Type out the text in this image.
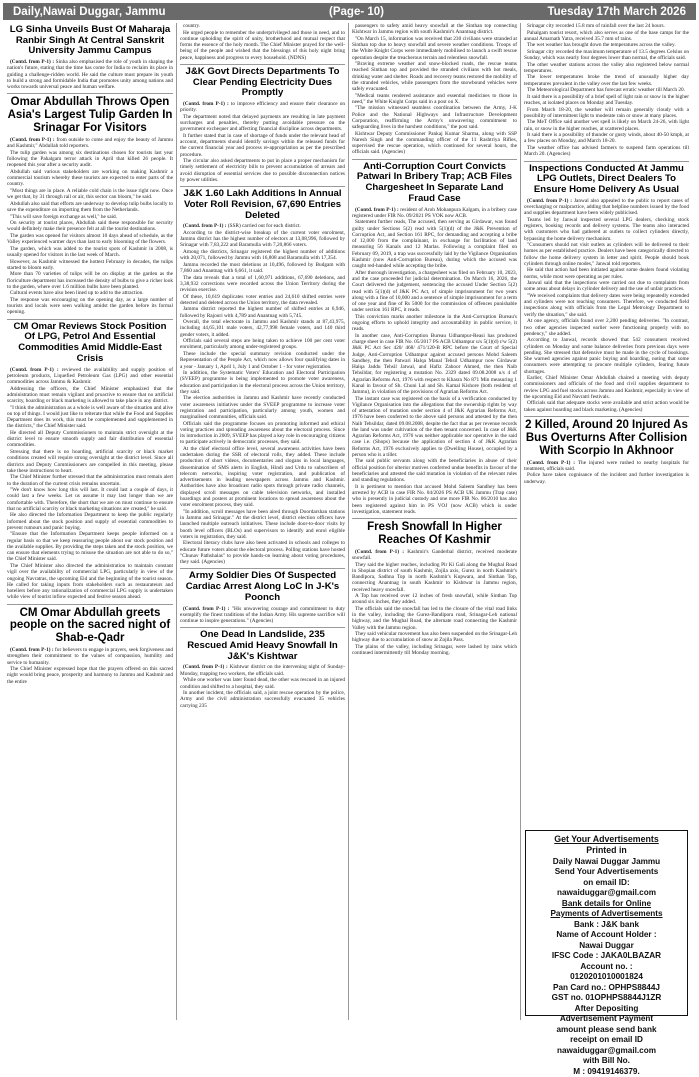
Daily,Nawai Duggar, Jammu	(Page- 10)	Tuesday 17th March 2026
LG Sinha Unveils Bust Of Maharaja Ranbir Singh At Central Sanskrit University Jammu Campus

(Contd. from P-1) : Sinha also emphasised the role of youth in shaping the nation's future, stating that the time has come for India to reclaim its place in guiding a challenge-ridden world. He said the culture must prepare its youth to build a strong and formidable India that promotes unity among nations and works towards universal peace and human welfare.

Omar Abdullah Throws Open Asia's Largest Tulip Garden In Srinagar For Visitors

(Contd. from P-1) : from outside to come and enjoy the beauty of Jammu and Kashmir," Abdullah told reporters.

The tulip garden was among six destinations chosen for tourists last year following the Pahalgam terror attack in April that killed 26 people. It reopened this year after a security audit.

Abdullah said various stakeholders are working on making Kashmir a commercial tourism whereby these tourists are expected to enter parts of the country.

"Most things are in place. A reliable cold chain is the issue right now. Once we get that, by 31 through rail or air, this sector can bloom," he said.

Abdullah also said that efforts are underway to develop tulip bulbs locally to save the expenditure on importing them from the Netherlands.

"This will save foreign exchange as well," he said.

On security at tourist places, Abdullah said these responsible for security would definitely make their presence felt at all the tourist destinations.

The garden was opened for visitors almost 10 days ahead of schedule, as the Valley experienced warmer days than last to early blooming of the flowers.

The garden, which was added to the tourist spots of Kashmir in 2008, is usually opened for visitors in the last week of March.

However, as Kashmir witnessed the hottest February in decades, the tulips started to bloom early.

More than 70 varieties of tulips will be on display at the garden as the floriculture department has increased the density of bulbs to give a richer look to the garden, where over 1.6 million bulbs have been planted.

Cultural events have also been lined up to add to the attraction.

The response was encouraging on the opening day, as a large number of tourists and locals were seen walking amidst the garden before its formal opening.

CM Omar Reviews Stock Position Of LPG, Petrol And Essential Commodities Amid Middle-East Crisis

(Contd. from P-1) : reviewed the availability and supply position of petroleum products, Liquefied Petroleum Gas (LPG) and other essential commodities across Jammu & Kashmir.

Addressing the officers, the Chief Minister emphasized that the administration must remain vigilant and proactive to ensure that no artificial scarcity, hoarding or black marketing is allowed to take place in any district.

"I think the administration as a whole is well aware of the situation and alive on top of things. I would just like to reiterate that while the Food and Supplies Department does its work, this must be complemented and supplemented in the districts," the Chief Minister said.

He directed all Deputy Commissioners to maintain strict oversight at the district level to ensure smooth supply and fair distribution of essential commodities.

Stressing that there is no hoarding, artificial scarcity or black market conditions created will require strong oversight at the district level. Since all districts and Deputy Commissioners are compelled in this meeting, please take these instructions to heart.

The Chief Minister further stressed that the administration must remain alert to the duration of the current crisis remains uncertain.

"We don't know how long this will last. It could last a couple of days, it could last a few weeks. Let us assume it may last longer than we are comfortable with. Therefore, the short that we are on must continue to ensure that no artificial scarcity or black marketing situations are created," he said.

He also directed the Information Department to keep the public regularly informed about the stock position and supply of essential commodities to prevent rumours and panic buying.

"Ensure that the Information Department keeps people informed on a regular basis so that we keep reassuring people about our stock position and the available supplies. By providing the steps taken and the stock position, we can ensure that elements trying to misuse the situation are not able to do so," the Chief Minister said.

The Chief Minister also directed the administration to maintain constant vigil over the availability of commercial LPG, particularly in view of the ongoing Navratras, the upcoming Eid and the beginning of the tourist season. He called for taking inputs from stakeholders such as restaurateurs and hoteliers before any rationalization of commercial LPG supply is undertaken while view of tourist inflow expected and festive season ahead.

CM Omar Abdullah greets people on the sacred night of Shab-e-Qadr

(Contd. from P-1) : for believers to engage in prayers, seek forgiveness and strengthen their commitment to the values of compassion, humility and service to humanity.

The Chief Minister expressed hope that the prayers offered on this sacred night would bring peace, prosperity and harmony to Jammu and Kashmir and the entire

country.

He urged people to remember the underprivileged and those in need, and to continue upholding the spirit of unity, brotherhood and mutual respect that forms the essence of the holy month. The Chief Minister prayed for the well-being of the people and wished that the blessings of this holy night bring peace, happiness and progress to every household. (NDNS)

J&K Govt Directs Departments To Clear Pending Electricity Dues Promptly

(Contd. from P-1) : to improve efficiency and ensure their clearance on priority.

The department noted that delayed payments are resulting in late payment surcharges and penalties, thereby putting avoidable pressure on the government exchequer and affecting financial discipline across departments.

It further stated that in case of shortage of funds under the relevant head of account, departments should identify savings within the released funds for the current financial year and process re-appropriation as per the prescribed procedure.

The circular also asked departments to put in place a proper mechanism for timely settlement of electricity bills to prevent accumulation of arrears and avoid disruption of essential services due to possible disconnection notices by power utilities.

J&K 1.60 Lakh Additions In Annual Voter Roll Revision, 67,690 Entries Deleted

(Contd. from P-1) : (SSR) carried out for each district.

According to the district-wise breakup of the current voter enrolment, Jammu district has the highest number of electors at 13,08,996, followed by Srinagar with 7,83,222 and Baramulla with 7,20,866 voters.

Among the districts, Srinagar registered the highest number of additions with 20,071, followed by Jammu with 16,808 and Baramulla with 17,354.

Jammu recorded the most deletions at 10,496, followed by Budgam with 7,860 and Anantnag with 6,661, it said.

The data reveals that a total of 1,60,971 additions, 67,690 deletions, and 3,38,932 corrections were recorded across the Union Territory during the revision exercise.

Of these, 10,619 duplicates voter entries and 24,610 shifted entries were detected and deleted across the Union territory, the data revealed.

Jammu district reported the highest number of shifted entries at 6,946, followed by Rajouri with 4,789 and Anantnag with 5,745.

Overall, the total electorate in Jammu and Kashmir stands at 87,43,975, including 44,65,101 male voters, 42,77,998 female voters, and 140 third gender voters, it added.

Officials said several steps are being taken to achieve 100 per cent voter enrolment, particularly among under-registered groups.

These include the special summary revision conducted under the Representation of the People Act, which now allows four qualifying dates in a year - January 1, April 1, July 1 and October 1 - for voter registration.

In addition, the Systematic Voters' Education and Electoral Participation (SVEEP) programme is being implemented to promote voter awareness, education and participation in the electoral process across the Union territory, they said.

The election authorities in Jammu and Kashmir have recently conducted voter awareness initiatives under the SVEEP programme to increase voter registration and participation, particularly among youth, women and marginalised communities, officials said.

Officials said the programme focuses on promoting informed and ethical voting practices and spreading awareness about the electoral process. Since its introduction in 2009, SVEEP has played a key role in encouraging citizens to participate actively in democratic processes, they said.

At the chief electoral office level, several awareness activities have been undertaken during the SSR of electoral rolls, they added. These include production of short videos, documentaries and slogans in local languages, dissemination of SMS alerts in English, Hindi and Urdu to subscribers of telecom networks, inspiring voter registration, and publication of advertisements in leading newspapers across Jammu and Kashmir. Authorities have also broadcast radio spots through private radio channels, displayed scroll messages on cable television networks, and installed hoardings and posters at prominent locations to spread awareness about the voter enrolment process, they said.

"In addition, scroll messages have been aired through Doordarshan stations in Jammu and Srinagar." At the district level, district election officers have launched multiple outreach initiatives. These include door-to-door visits by booth level officers (BLOs) and supervisors to identify and enrol eligible voters in registration, they said.

Electoral literacy clubs have also been activated in schools and colleges to educate future voters about the electoral process. Polling stations have hosted "Chunav Pathshalas" to provide hands-on learning about voting procedures, they said. (Agencies)

Army Soldier Dies Of Suspected Cardiac Arrest Along LoC In J-K's Poonch

(Contd. from P-1) : "His unwavering courage and commitment to duty exemplify the finest traditions of the Indian Army. His supreme sacrifice will continue to inspire generations." (Agencies)

One Dead In Landslide, 235 Rescued Amid Heavy Snowfall In J&K's Kishtwar

(Contd. from P-1) : Kishtwar district on the intervening night of Sunday-Monday, trapping two workers, the officials said.

While one worker was later found dead, the other was rescued in an injured condition and shifted to a hospital, they said.

In another incident, the officials said, a joint rescue operation by the police, Army and the civil administration successfully evacuated 35 vehicles carrying 235

passengers to safety amid heavy snowfall at the Sinthan top connecting Kishtwar in Jammu region with south Kashmir's Anantnag district.

"On March 15, information was received that 230 civilians were stranded at Sinthan top due to heavy snowfall and severe weather conditions. Troops of the White Knight Corps were immediately mobilised to launch a swift rescue operation despite the treacherous terrain and relentless snowfall.

"Braving extreme weather and snow-blocked roads, the rescue teams reached Sinthan top and provided the stranded civilians with hot meals, drinking water and shelter. Roads and recovery teams restored the mobility of the stranded vehicles, while passengers from the snowbound vehicles were safely evacuated.

"Medical teams rendered assistance and essential medicines to those in need," the White Knight Corps said in a post on X.

"The mission witnessed seamless coordination between the Army, J-K Police and the National Highways and Infrastructure Development Corporation, reaffirming the Army's unwavering commitment to safeguarding lives in the harshest conditions," the post said.

Kishtwar Deputy Commissioner Pankaj Kumar Sharma, along with SSP Naresh Singh and the commanding officer of the 11 Rashtriya Rifles, supervised the rescue operation, which continued for several hours, the officials said. (Agencies)

Anti-Corruption Court Convicts Patwari In Bribery Trap; ACB Files Chargesheet In Separate Land Fraud Case

(Contd. from P-1) : resident of Aroh Mohanpura Kalgam, in a bribery case registered under FIR No. 09/2021 PS VOK now ACB.

Statement further reads, The accused, then serving as Girdawar, was found guilty under Sections 5(2) read with 5(1)(d) of the J&K Prevention of Corruption Act, and Section 161 RPC, for demanding and accepting a bribe of 12,000 from the complainant, in exchange for facilitation of land measuring 56 Kanals and 12 Marlas. Following a complaint filed on February 09, 2019, a trap was successfully laid by the Vigilance Organisation Kashmir (now Anti-Corruption Bureau), during which the accused was caught red-handed while accepting the bribe.

After thorough investigation, a chargesheet was filed on February 10, 2023, and the case proceeded for judicial determination. On March 16, 2026, the Court delivered the judgement, sentencing the accused Under Section 5(2) read with 5(1)(d) of J&K PC Act, of simple imprisonment for two years along with a fine of 10,000 and a sentence of simple imprisonment for a term of one year and fine of Rs 5000 for the commission of offences punishable under section 161 RPC, it reads.

This conviction marks another milestone in the Anti-Corruption Bureau's ongoing efforts to uphold integrity and accountability in public service, it reads.

In another case, Anti-Corruption Bureau Udhampur-Reasi has produced charge sheet in case FIR No. 05/2017 PS ACB Udhampur u/s 5(1)(d) r/w 5(2) J&K PC Act Sec 420/ 468/ 471/120-B RPC before the Court of Special Judge, Anti-Corruption Udhampur against accused persons Mohd Saleem Sandhey, the then Patwari Halqa Manal Tehsil Udhampur now Girdawar Halqa Jaddu Tehsil Jatwal, and Hafiz Zahoor Ahmed, the then Naib Tehsildar, for registering a mutation No. 2329 dated 09.08.2008 u/s 4 of Agrarian Reforms Act, 1976 with respect to Khasra No 871 Min measuring 1 Kanal in favour of Sh. Chuni Lal and Sh. Kamal Kishore (both resident of Jammu), in violation of the provisions of Agrarian Reforms Act.

The instant case was registered on the basis of a verification conducted by Vigilance Organisation into the allegations that the ownership rights by way of attestation of mutation under section 4 of J&K Agrarian Reforms Act, 1976 have been conferred to the above said persons and attested by the then Naib Tehsildar, dated 09.08.2008, despite the fact that as per revenue records the land was under cultivation of the then tenant concerned. In case of J&K Agrarian Reforms Act, 1976 was neither applicable nor operative in the said case i.e. (Shops) because the application of section 4 of J&K Agrarian Reforms Act, 1976 exclusively applies to (Dwelling House), occupied by a person who is a tiller.

The said public servants along with the beneficiaries in abuse of their official position for ulterior motives conferred undue benefits in favour of the beneficiaries and attested the said mutation in violation of the relevant rules and standing regulations.

It is pertinent to mention that accused Mohd Saleem Sandhey has been arrested by ACB in case FIR No. 04/2026 PS ACB UK Jammu (Trap case) who is presently in judicial custody and one more FIR No. 06/2010 has also been registered against him in PS VOJ (now ACB) which is under investigation, statement reads.

Fresh Snowfall In Higher Reaches Of Kashmir

(Contd. from P-1) : Kashmir's Ganderbal district, received moderate snowfall.

They said the higher reaches, including Pir Ki Gali along the Mughal Road in Shopian district of south Kashmir, Zojila axis, Gurez in north Kashmir's Bandipora, Sadhna Top in north Kashmir's Kupwara, and Sinthan Top, connecting Anantnag in south Kashmir to Kishtwar in Jammu region, received heavy snowfall.

A Top has received over 12 inches of fresh snowfall, while Sinthan Top around six inches, they added.

The officials said the snowfall has led to the closure of the vital road links in the valley, including the Gurez-Bandipora road, Srinagar-Leh national highway, and the Mughal Road, the alternate road connecting the Kashmir Valley with the Jammu region.

They said vehicular movement has also been suspended on the Srinagar-Leh highway due to accumulation of snow at Zojila Pass.

The plains of the valley, including Srinagar, were lashed by rains which continued intermittently till Monday morning.

Srinagar city recorded 15.8 mm of rainfall over the last 24 hours.

Pahalgam tourist resort, which also serves as one of the base camps for the annual Amarnath Yatra, received 35.7 mm of rains.

The wet weather has brought down the temperatures across the valley.

Srinagar city recorded the maximum temperature of 13.5 degrees Celsius on Sunday, which was nearly four degrees lower than normal, the officials said.

The other weather stations across the valley also registered below normal temperatures.

The lower temperatures broke the trend of unusually higher day temperatures prevalent in the valley over the last few weeks.

The Meteorological Department has forecast erratic weather till March 20.

It said there is a possibility of a brief spell of light rain or snow in the higher reaches, at isolated places on Monday and Tuesday.

From March 18-20, the weather will remain generally cloudy with a possibility of intermittent light to moderate rain or snow at many places.

The MeT Office said another wet spell is likely on March 24-26, with light rain, or snow in the higher reaches, at scattered places.

It said there is a possibility of thunder or gusty winds, about 40-50 kmph, at a few places on Monday, and March 18-20.

The weather office has advised farmers to suspend farm operations till March 20. (Agencies)

Inspections Conducted At Jammu LPG Outlets, Direct Dealers To Ensure Home Delivery As Usual

(Contd. from P-1) : Janwal also appealed to the public to report cases of overcharging or malpractice, adding that helpline numbers issued by the food and supplies department have been widely publicised.

Teams led by Janwal inspected several LPG dealers, checking stock registers, booking records and delivery systems. The teams also interacted with customers who had gathered at outlets to collect cylinders directly, bypassing the home delivery mechanism.

"Consumers should not visit outlets as cylinders will be delivered to their homes as per established practice. Dealers have been categorically directed to follow the home delivery system in letter and spirit. People should book cylinders through online modes," Janwal told reporters.

He said that action had been initiated against some dealers found violating norms, while most were operating as per rules.

Janwal said that the inspections were carried out due to complaints from some areas about delays in cylinder delivery and the use of unfair practices.

"We received complaints that delivery dates were being repeatedly extended and cylinders were not reaching consumers. Therefore, we conducted field inspections along with officials from the Legal Metrology Department to verify the situation," she said.

At one agency, officials found over 2,200 pending deliveries. "In contrast, two other agencies inspected earlier were functioning properly with no pendency," she added.

According to Janwal, records showed that 542 consumers received cylinders on Monday and some balance deliveries from previous days were pending. She stressed that defensive must be made in the cycle of bookings. She warned agencies against panic buying and hoarding, noting that some consumers were attempting to procure multiple cylinders, fearing future shortages.

Earlier, Chief Minister Omar Abdullah chaired a meeting with deputy commissioners and officials of the food and civil supplies department to review LPG and fuel stocks across Jammu and Kashmir, especially in view of the upcoming Eid and Navratri festivals.

Officials said that adequate stocks were available and strict action would be taken against hoarding and black marketing. (Agencies)

2 Killed, Around 20 Injured As Bus Overturns After Collision With Scorpio In Akhnoor

(Contd. from P-1) : The injured were rushed to nearby hospitals for treatment, officials said.

Police have taken cognisance of the incident and further investigation is underway.

Get Your Advertisements
Printed in
Daily Nawai Duggar Jammu
Send Your Advertisements
on email ID:
nawaiduggar@gmail.com
Bank details for Online
Payments of Advertisements
Bank : J&K bank
Name of Account Holder :
Nawai Duggar
IFSC Code : JAKA0LBAZAR
Account no. :
0120201010001824
Pan Card no.: OPHPS8844J
GST no. 01OPHPS8844J1ZR
After Depositing
Advertisement Payment
amount please send bank
receipt on email ID
nawaiduggar@gmail.com
with Bill No.
M : 09419146379.
